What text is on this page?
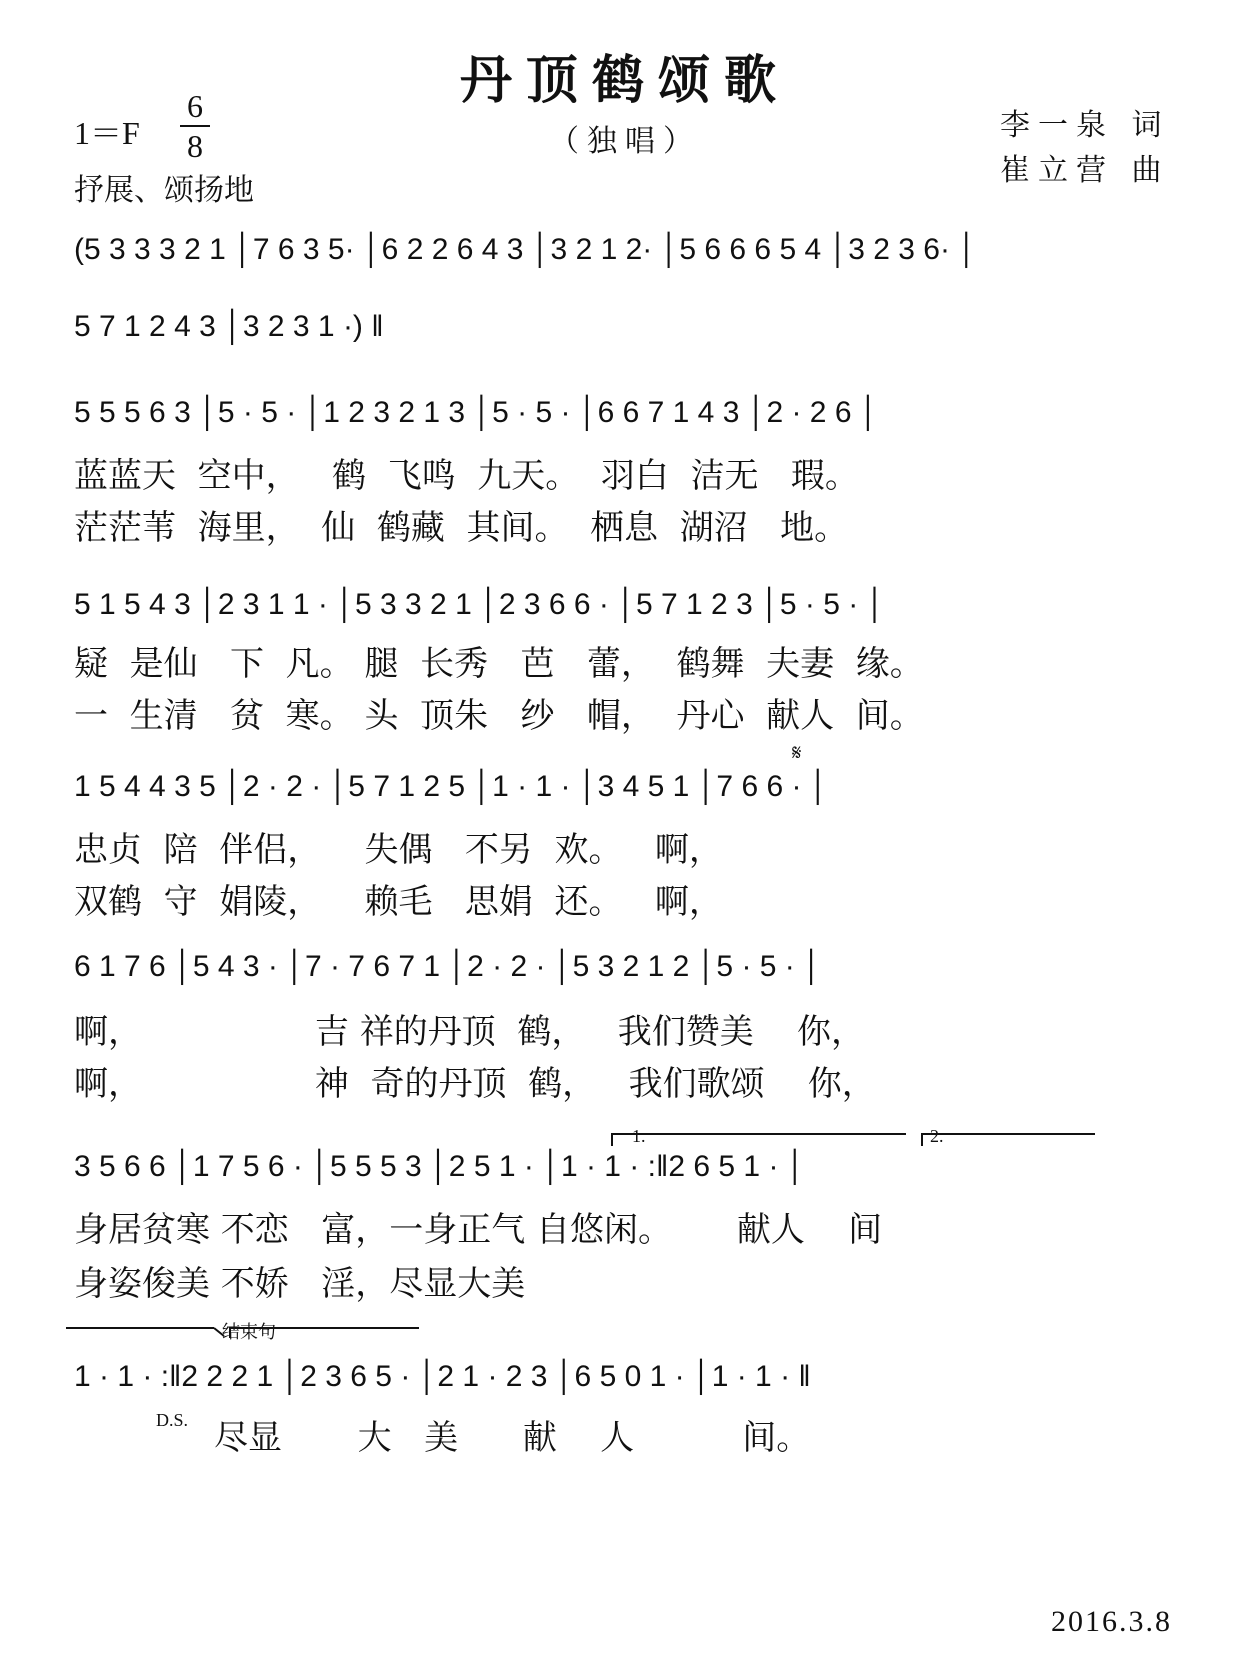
丹顶鹤颂歌
（独唱）
1＝F
6
8
抒展、颂扬地
李一泉 词
崔立营 曲
(5 3 3 3 2 1 │7 6 3 5· │6 2 2 6 4 3 │3 2 1 2· │5 6 6 6 5 4 │3 2 3 6· │
5 7 1 2 4 3 │3 2 3 1 ·) ‖
5 5 5 6 3 │5 · 5 · │1 2 3 2 1 3 │5 · 5 · │6 6 7 1 4 3 │2 · 2 6 │
蓝蓝天  空中，   鹤  飞鸣  九天。  羽白  洁无   瑕。
茫茫苇  海里，  仙  鹤藏  其间。  栖息  湖沼   地。
5 1 5 4 3 │2 3 1 1 · │5 3 3 2 1 │2 3 6 6 · │5 7 1 2 3 │5 · 5 · │
疑  是仙   下  凡。 腿  长秀   芭   蕾，  鹤舞  夫妻  缘。
一  生清   贫  寒。 头  顶朱   纱   帽，  丹心  献人  间。
𝄋
1 5 4 4 3 5 │2 · 2 · │5 7 1 2 5 │1 · 1 · │3 4 5 1 │7 6 6 · │
忠贞  陪  伴侣，    失偶   不另  欢。   啊，
双鹤  守  娟陵，    赖毛   思娟  还。   啊，
6 1 7 6 │5 4 3 · │7 · 7 6 7 1 │2 · 2 · │5 3 2 1 2 │5 · 5 · │
啊，                吉 祥的丹顶  鹤，   我们赞美    你，
啊，                神  奇的丹顶  鹤，   我们歌颂    你，
1.	2.
3 5 6 6 │1 7 5 6 · │5 5 5 3 │2 5 1 · │1 · 1 · :‖2 6 5 1 · │
身居贫寒 不恋   富，一身正气 自悠闲。      献人    间
身姿俊美 不娇   淫，尽显大美
结束句
1 · 1 · :‖2 2 2 1 │2 3 6 5 · │2 1 · 2 3 │6 5 0 1 · │1 · 1 · ‖
D.S. 尽显       大   美      献    人          间。
2016.3.8
